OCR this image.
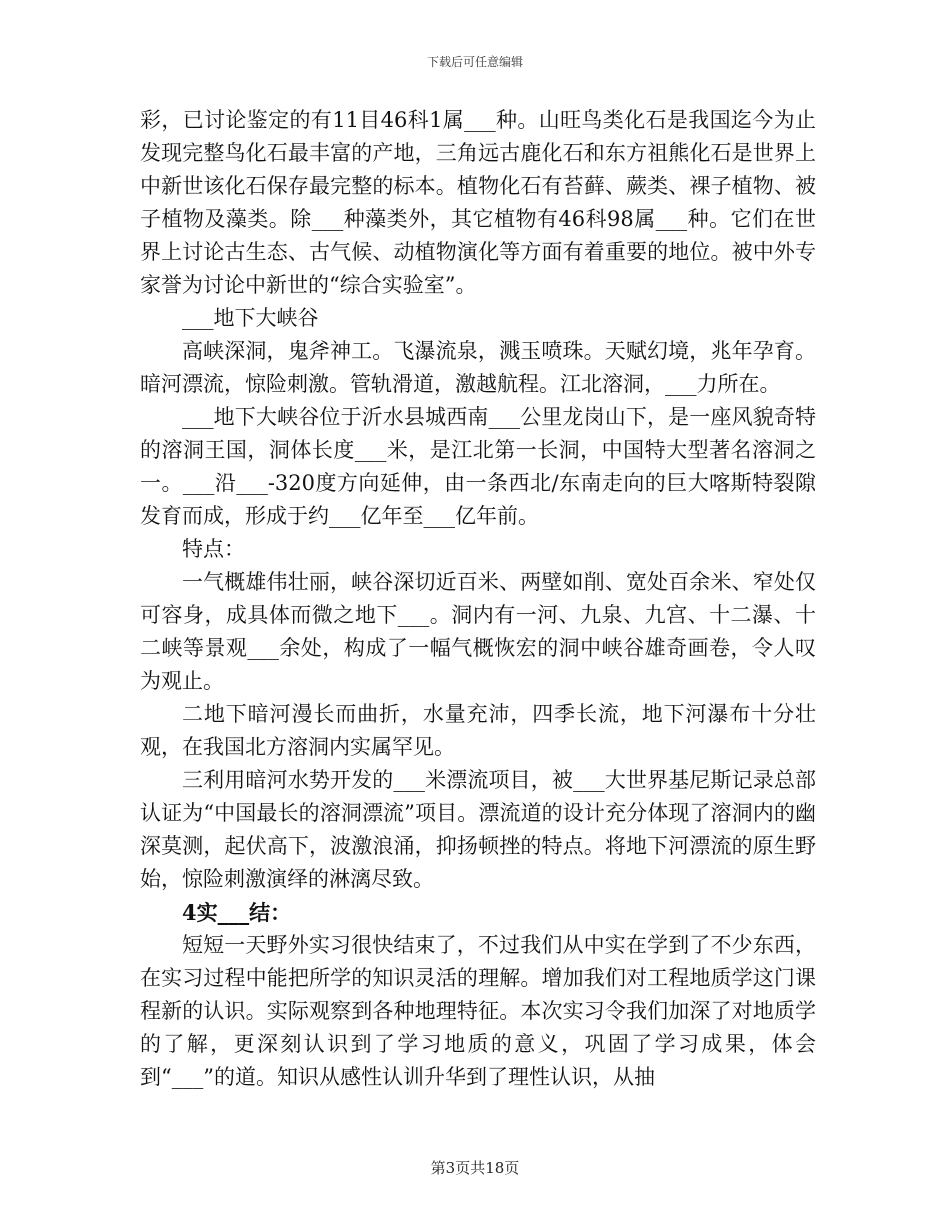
下载后可任意编辑

彩，已讨论鉴定的有11目46科1属___种。山旺鸟类化石是我国迄今为止发现完整鸟化石最丰富的产地，三角远古鹿化石和东方祖熊化石是世界上中新世该化石保存最完整的标本。植物化石有苔藓、蕨类、裸子植物、被子植物及藻类。除___种藻类外，其它植物有46科98属___种。它们在世界上讨论古生态、古气候、动植物演化等方面有着重要的地位。被中外专家誉为讨论中新世的“综合实验室”。

___地下大峡谷

高峡深洞，鬼斧神工。飞瀑流泉，溅玉喷珠。天赋幻境，兆年孕育。暗河漂流，惊险刺激。管轨滑道，激越航程。江北溶洞，___力所在。

___地下大峡谷位于沂水县城西南___公里龙岗山下，是一座风貌奇特的溶洞王国，洞体长度___米，是江北第一长洞，中国特大型著名溶洞之一。___沿___-320度方向延伸，由一条西北/东南走向的巨大喀斯特裂隙发育而成，形成于约___亿年至___亿年前。

特点：

一气概雄伟壮丽，峡谷深切近百米、两壁如削、宽处百余米、窄处仅可容身，成具体而微之地下___。洞内有一河、九泉、九宫、十二瀑、十二峡等景观___余处，构成了一幅气概恢宏的洞中峡谷雄奇画卷，令人叹为观止。

二地下暗河漫长而曲折，水量充沛，四季长流，地下河瀑布十分壮观，在我国北方溶洞内实属罕见。

三利用暗河水势开发的___米漂流项目，被___大世界基尼斯记录总部认证为“中国最长的溶洞漂流”项目。漂流道的设计充分体现了溶洞内的幽深莫测，起伏高下，波激浪涌，抑扬顿挫的特点。将地下河漂流的原生野始，惊险刺激演绎的淋漓尽致。

4实___结：

短短一天野外实习很快结束了，不过我们从中实在学到了不少东西，在实习过程中能把所学的知识灵活的理解。增加我们对工程地质学这门课程新的认识。实际观察到各种地理特征。本次实习令我们加深了对地质学的了解，更深刻认识到了学习地质的意义，巩固了学习成果，体会到“___”的道。知识从感性认训升华到了理性认识，从抽

第3页共18页
